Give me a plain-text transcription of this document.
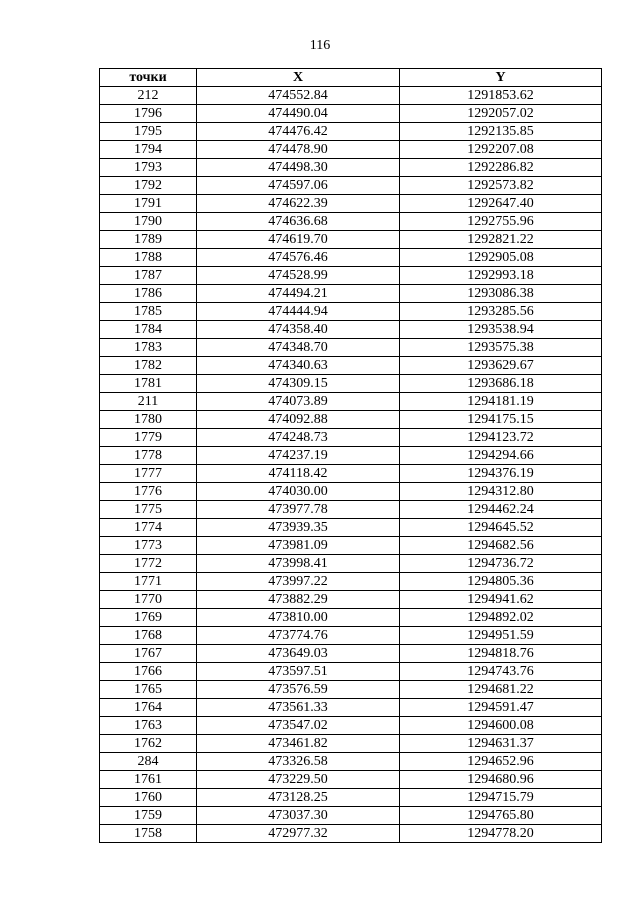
116
точки	X	Y
212	474552.84	1291853.62
1796	474490.04	1292057.02
1795	474476.42	1292135.85
1794	474478.90	1292207.08
1793	474498.30	1292286.82
1792	474597.06	1292573.82
1791	474622.39	1292647.40
1790	474636.68	1292755.96
1789	474619.70	1292821.22
1788	474576.46	1292905.08
1787	474528.99	1292993.18
1786	474494.21	1293086.38
1785	474444.94	1293285.56
1784	474358.40	1293538.94
1783	474348.70	1293575.38
1782	474340.63	1293629.67
1781	474309.15	1293686.18
211	474073.89	1294181.19
1780	474092.88	1294175.15
1779	474248.73	1294123.72
1778	474237.19	1294294.66
1777	474118.42	1294376.19
1776	474030.00	1294312.80
1775	473977.78	1294462.24
1774	473939.35	1294645.52
1773	473981.09	1294682.56
1772	473998.41	1294736.72
1771	473997.22	1294805.36
1770	473882.29	1294941.62
1769	473810.00	1294892.02
1768	473774.76	1294951.59
1767	473649.03	1294818.76
1766	473597.51	1294743.76
1765	473576.59	1294681.22
1764	473561.33	1294591.47
1763	473547.02	1294600.08
1762	473461.82	1294631.37
284	473326.58	1294652.96
1761	473229.50	1294680.96
1760	473128.25	1294715.79
1759	473037.30	1294765.80
1758	472977.32	1294778.20
